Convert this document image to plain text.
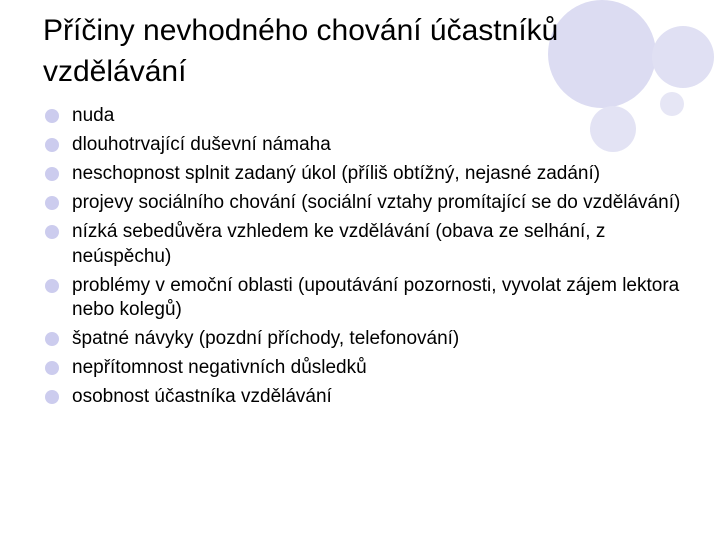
Příčiny nevhodného chování účastníků vzdělávání
nuda
dlouhotrvající duševní námaha
neschopnost splnit zadaný úkol (příliš obtížný, nejasné zadání)
projevy sociálního chování (sociální vztahy promítající se do vzdělávání)
nízká sebedůvěra vzhledem ke vzdělávání (obava ze selhání, z neúspěchu)
problémy v emoční oblasti (upoutávání pozornosti, vyvolat zájem lektora nebo kolegů)
špatné návyky (pozdní příchody, telefonování)
nepřítomnost negativních důsledků
osobnost účastníka vzdělávání
